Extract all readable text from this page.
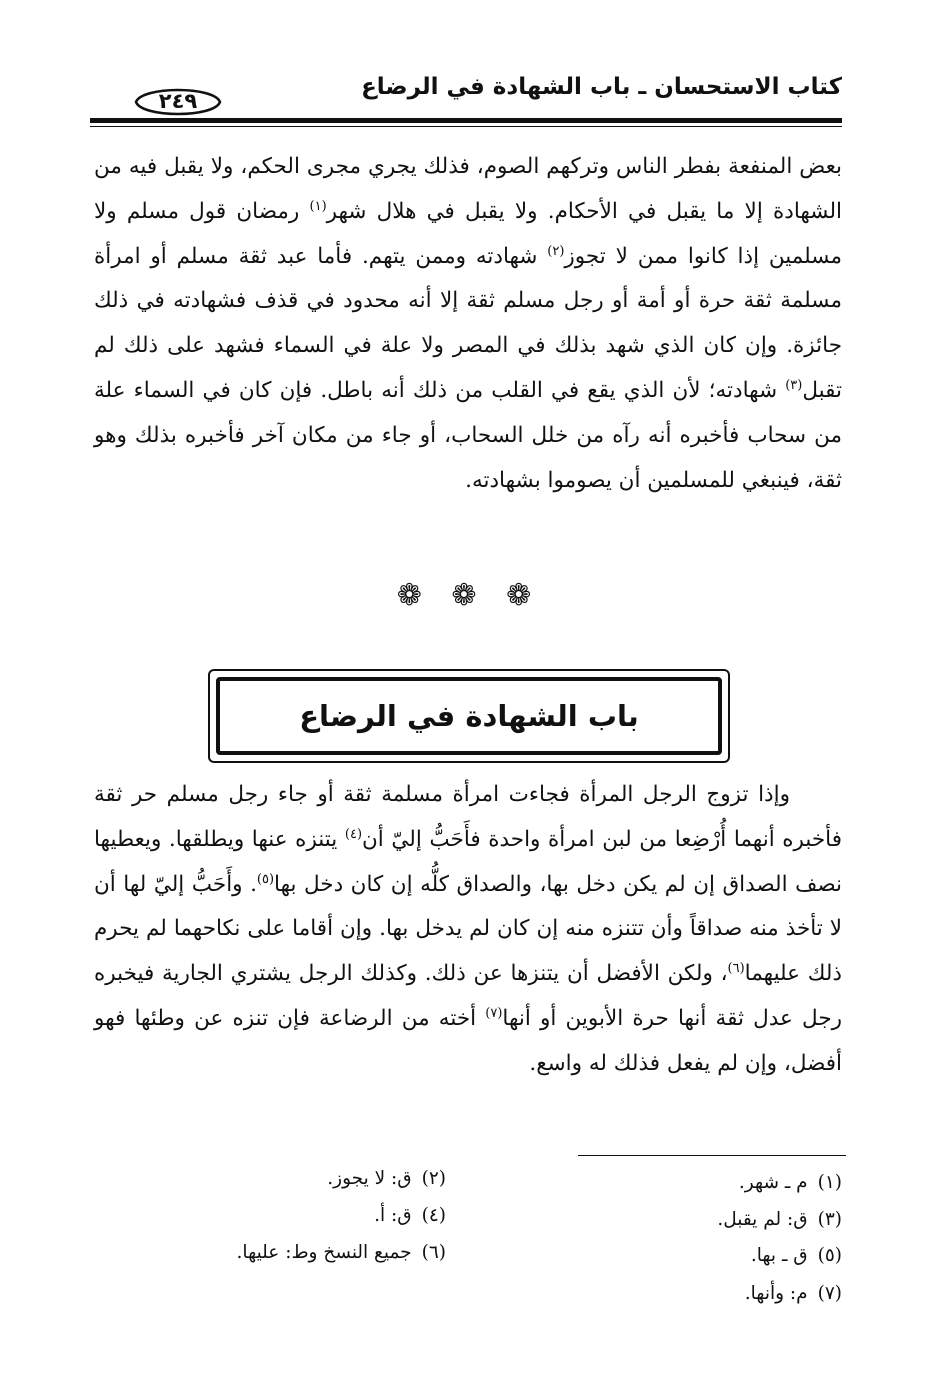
كتاب الاستحسان ـ باب الشهادة في الرضاع
٢٤٩
بعض المنفعة بفطر الناس وتركهم الصوم، فذلك يجري مجرى الحكم، ولا يقبل فيه من الشهادة إلا ما يقبل في الأحكام. ولا يقبل في هلال شهر$^{(١)}$ رمضان قول مسلم ولا مسلمين إذا كانوا ممن لا تجوز$^{(٢)}$ شهادته وممن يتهم. فأما عبد ثقة مسلم أو امرأة مسلمة ثقة حرة أو أمة أو رجل مسلم ثقة إلا أنه محدود في قذف فشهادته في ذلك جائزة. وإن كان الذي شهد بذلك في المصر ولا علة في السماء فشهد على ذلك لم تقبل$^{(٣)}$ شهادته؛ لأن الذي يقع في القلب من ذلك أنه باطل. فإن كان في السماء علة من سحاب فأخبره أنه رآه من خلل السحاب، أو جاء من مكان آخر فأخبره بذلك وهو ثقة، فينبغي للمسلمين أن يصوموا بشهادته.
❁ ❁ ❁
باب الشهادة في الرضاع
وإذا تزوج الرجل المرأة فجاءت امرأة مسلمة ثقة أو جاء رجل مسلم حر ثقة فأخبره أنهما أُرْضِعا من لبن امرأة واحدة فأَحَبُّ إليّ أن$^{(٤)}$ يتنزه عنها ويطلقها. ويعطيها نصف الصداق إن لم يكن دخل بها، والصداق كلُّه إن كان دخل بها$^{(٥)}$. وأَحَبُّ إليّ لها أن لا تأخذ منه صداقاً وأن تتنزه منه إن كان لم يدخل بها. وإن أقاما على نكاحهما لم يحرم ذلك عليهما$^{(٦)}$، ولكن الأفضل أن يتنزها عن ذلك. وكذلك الرجل يشتري الجارية فيخبره رجل عدل ثقة أنها حرة الأبوين أو أنها$^{(٧)}$ أخته من الرضاعة فإن تنزه عن وطئها فهو أفضل، وإن لم يفعل فذلك له واسع.
(١)م ـ شهر.
(٢)ق: لا يجوز.
(٣)ق: لم يقبل.
(٤)ق: أ.
(٥)ق ـ بها.
(٦)جميع النسخ وط: عليها.
(٧)م: وأنها.
